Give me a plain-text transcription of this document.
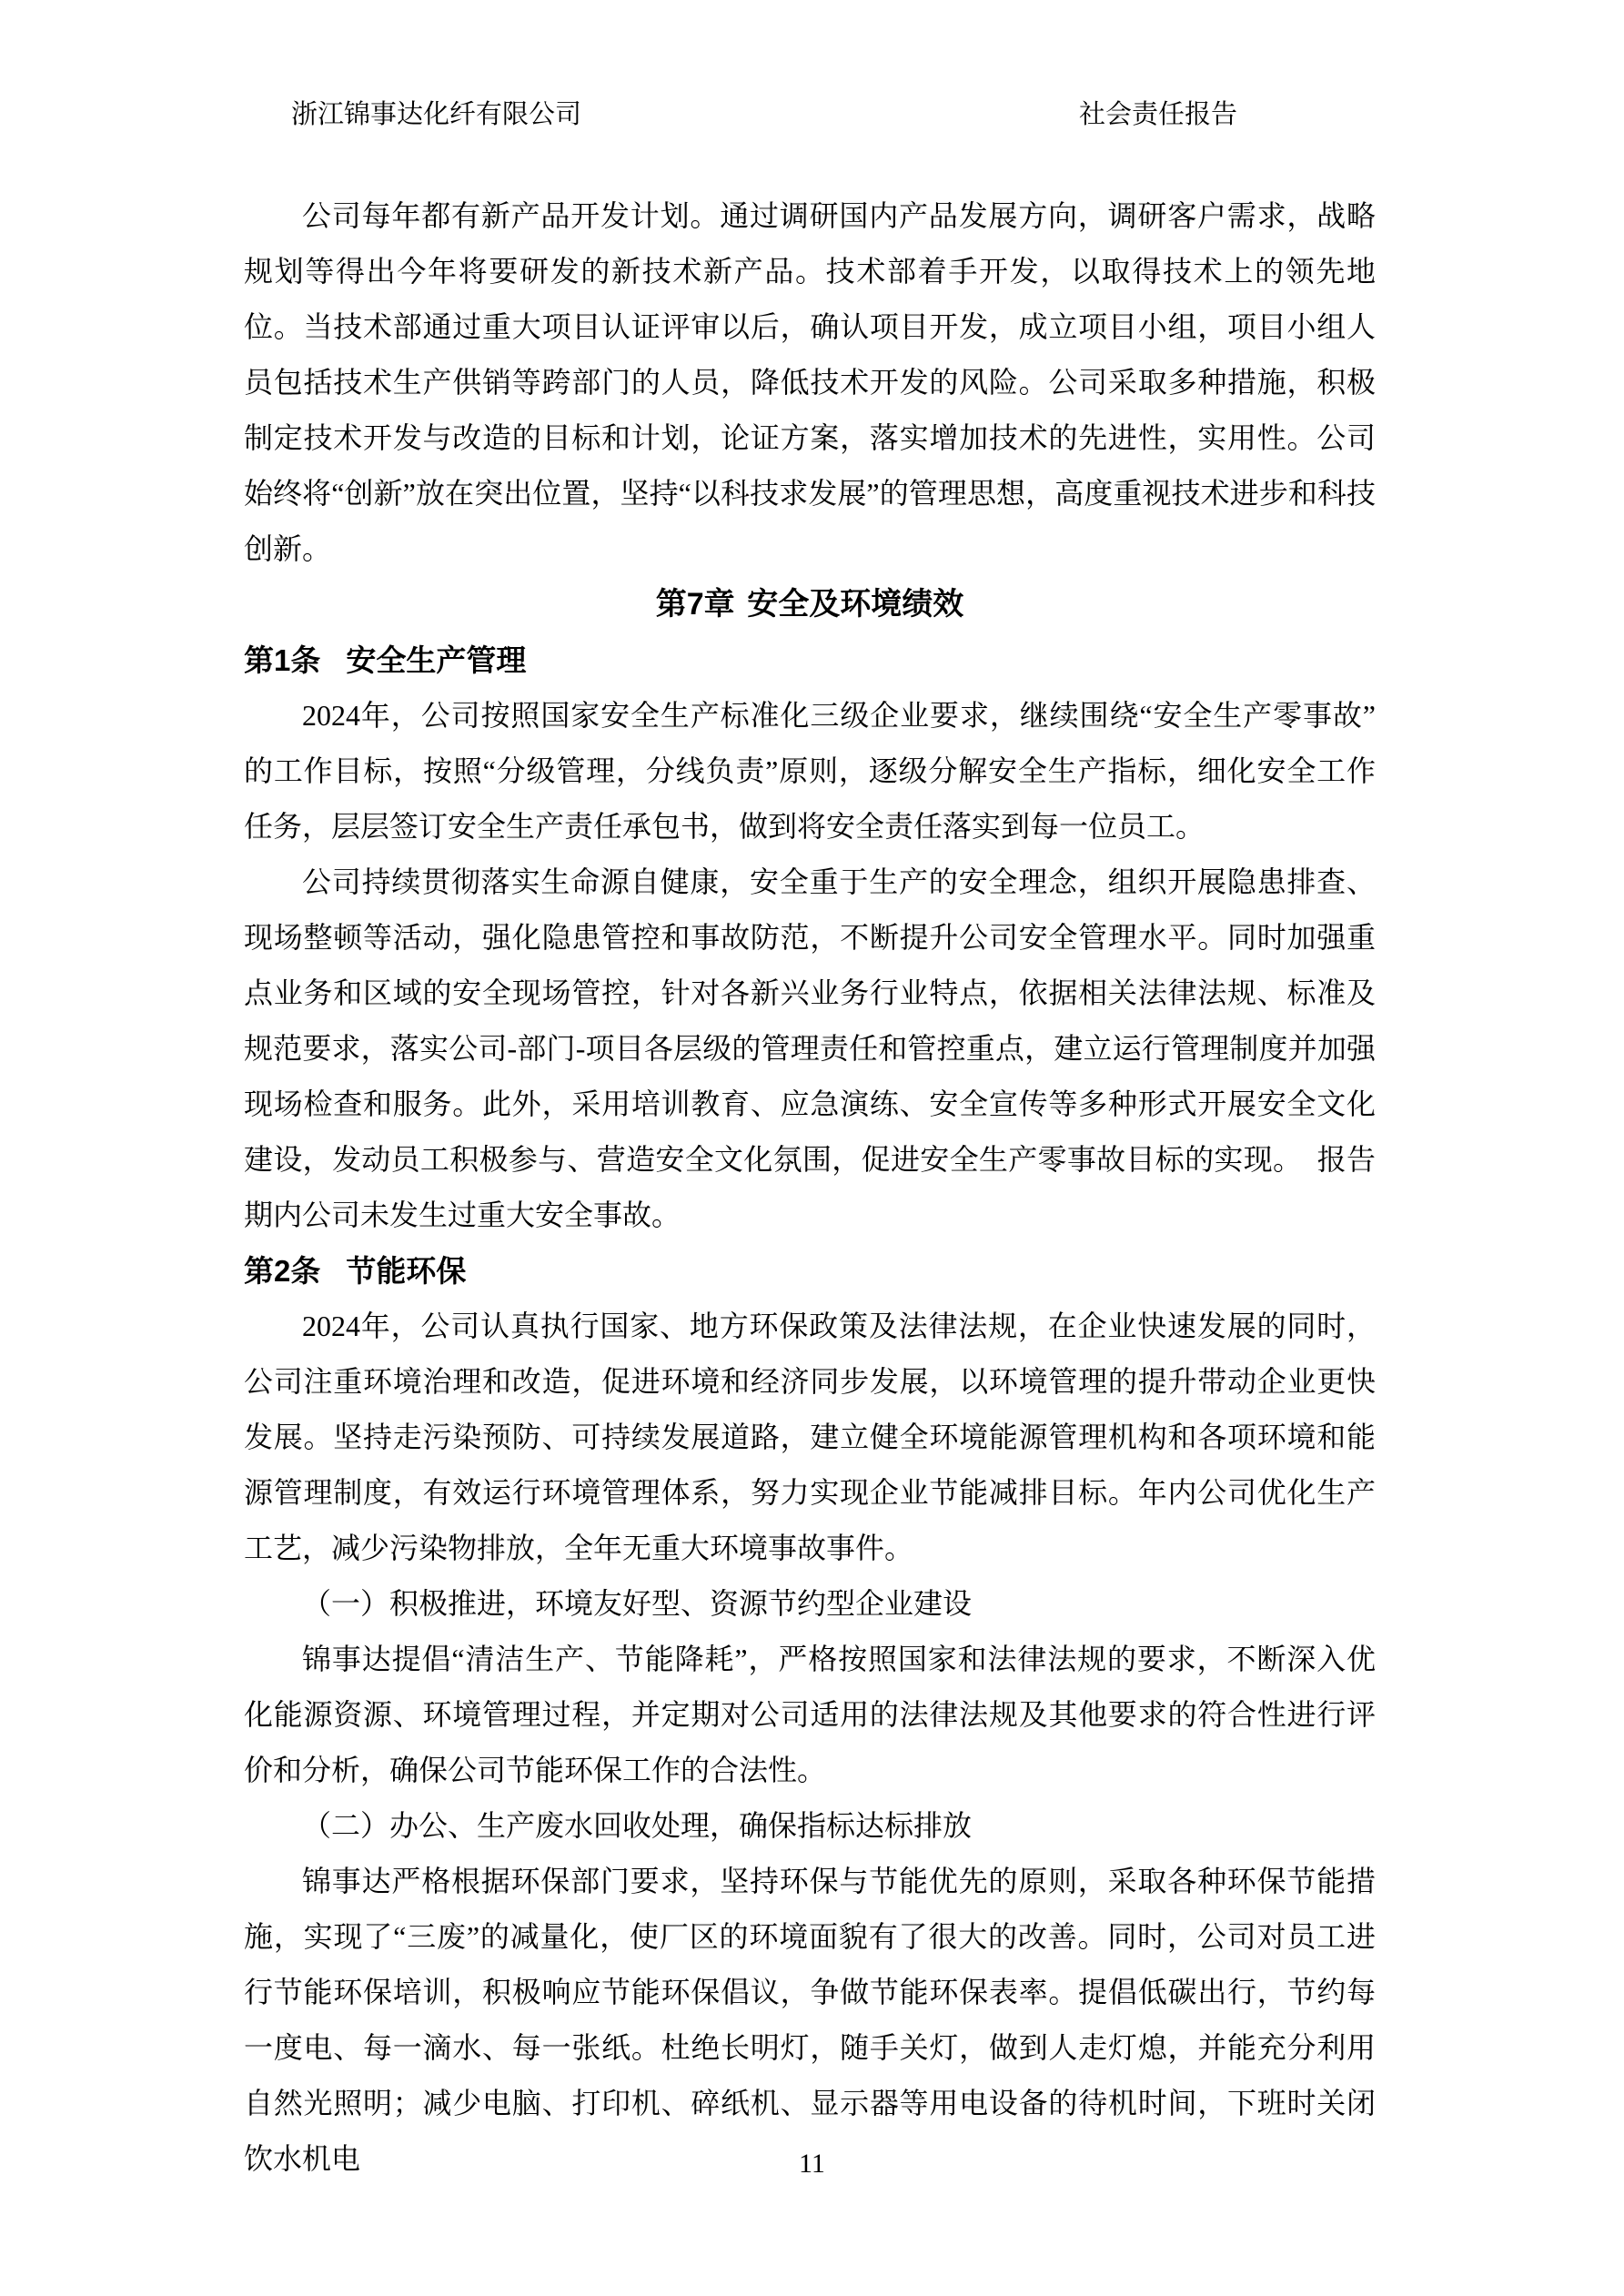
浙江锦事达化纤有限公司	社会责任报告

公司每年都有新产品开发计划。通过调研国内产品发展方向，调研客户需求，战略规划等得出今年将要研发的新技术新产品。技术部着手开发，以取得技术上的领先地位。当技术部通过重大项目认证评审以后，确认项目开发，成立项目小组，项目小组人员包括技术生产供销等跨部门的人员，降低技术开发的风险。公司采取多种措施，积极制定技术开发与改造的目标和计划，论证方案，落实增加技术的先进性，实用性。公司始终将“创新”放在突出位置，坚持“以科技求发展”的管理思想，高度重视技术进步和科技创新。

第7章 安全及环境绩效
第1条 安全生产管理

2024年，公司按照国家安全生产标准化三级企业要求，继续围绕“安全生产零事故”的工作目标，按照“分级管理，分线负责”原则，逐级分解安全生产指标，细化安全工作任务，层层签订安全生产责任承包书，做到将安全责任落实到每一位员工。

公司持续贯彻落实生命源自健康，安全重于生产的安全理念，组织开展隐患排查、现场整顿等活动，强化隐患管控和事故防范，不断提升公司安全管理水平。同时加强重点业务和区域的安全现场管控，针对各新兴业务行业特点，依据相关法律法规、标准及规范要求，落实公司-部门-项目各层级的管理责任和管控重点，建立运行管理制度并加强现场检查和服务。此外，采用培训教育、应急演练、安全宣传等多种形式开展安全文化建设，发动员工积极参与、营造安全文化氛围，促进安全生产零事故目标的实现。　报告期内公司未发生过重大安全事故。

第2条 节能环保

2024年，公司认真执行国家、地方环保政策及法律法规，在企业快速发展的同时，公司注重环境治理和改造，促进环境和经济同步发展，以环境管理的提升带动企业更快发展。坚持走污染预防、可持续发展道路，建立健全环境能源管理机构和各项环境和能源管理制度，有效运行环境管理体系，努力实现企业节能减排目标。年内公司优化生产工艺，减少污染物排放，全年无重大环境事故事件。

（一）积极推进，环境友好型、资源节约型企业建设

锦事达提倡“清洁生产、节能降耗”，严格按照国家和法律法规的要求，不断深入优化能源资源、环境管理过程，并定期对公司适用的法律法规及其他要求的符合性进行评价和分析，确保公司节能环保工作的合法性。

（二）办公、生产废水回收处理，确保指标达标排放

锦事达严格根据环保部门要求，坚持环保与节能优先的原则，采取各种环保节能措施，实现了“三废”的减量化，使厂区的环境面貌有了很大的改善。同时，公司对员工进行节能环保培训，积极响应节能环保倡议，争做节能环保表率。提倡低碳出行，节约每一度电、每一滴水、每一张纸。杜绝长明灯，随手关灯，做到人走灯熄，并能充分利用自然光照明；减少电脑、打印机、碎纸机、显示器等用电设备的待机时间，下班时关闭饮水机电	11
